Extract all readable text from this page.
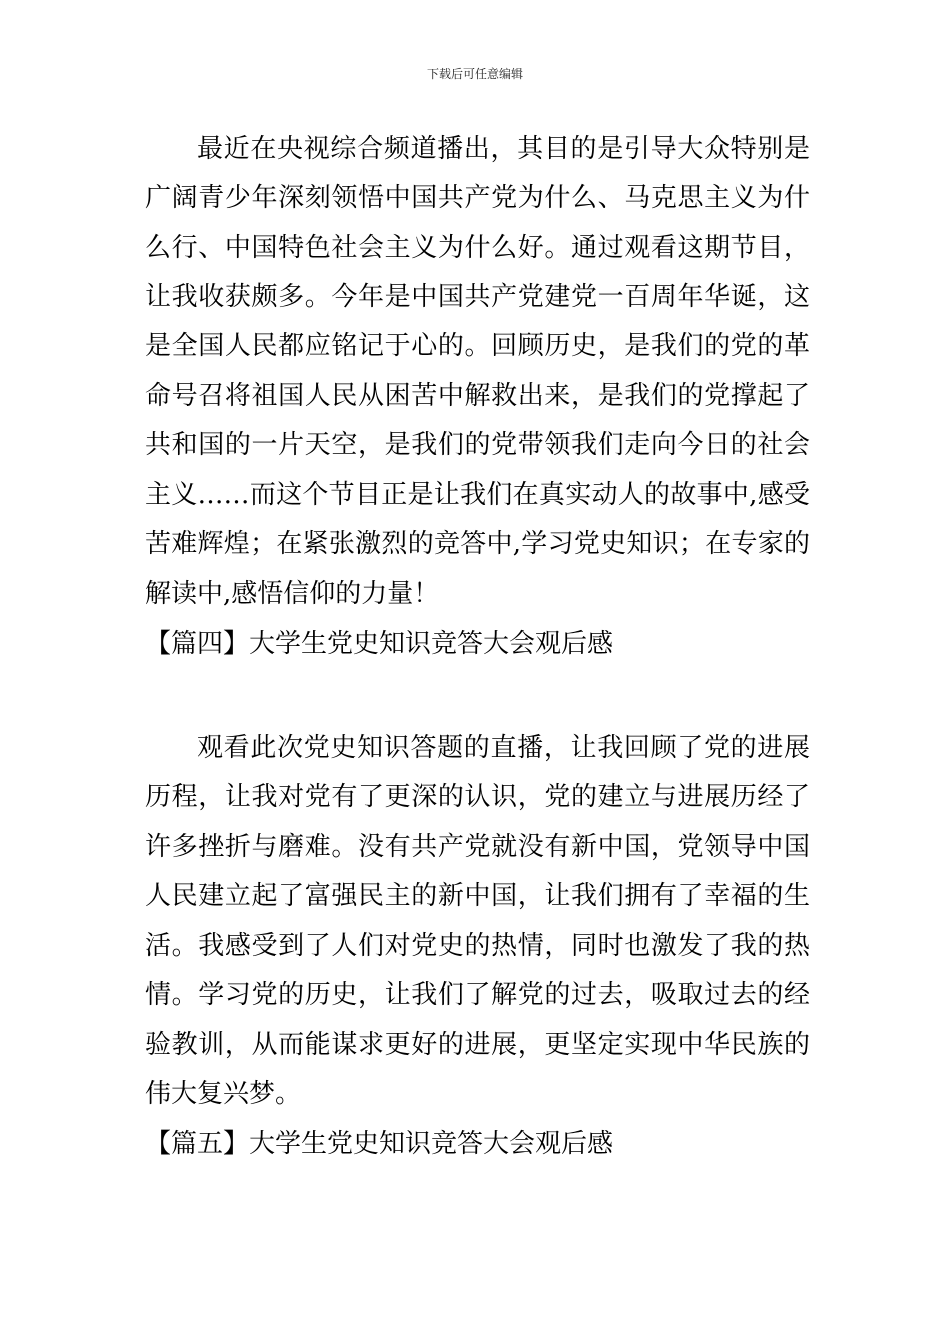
下载后可任意编辑
最近在央视综合频道播出，其目的是引导大众特别是
广阔青少年深刻领悟中国共产党为什么、马克思主义为什
么行、中国特色社会主义为什么好。通过观看这期节目，
让我收获颇多。今年是中国共产党建党一百周年华诞，这
是全国人民都应铭记于心的。回顾历史，是我们的党的革
命号召将祖国人民从困苦中解救出来，是我们的党撑起了
共和国的一片天空，是我们的党带领我们走向今日的社会
主义……而这个节目正是让我们在真实动人的故事中,感受
苦难辉煌；在紧张激烈的竞答中,学习党史知识；在专家的
解读中,感悟信仰的力量！
【篇四】大学生党史知识竞答大会观后感
观看此次党史知识答题的直播，让我回顾了党的进展
历程，让我对党有了更深的认识，党的建立与进展历经了
许多挫折与磨难。没有共产党就没有新中国，党领导中国
人民建立起了富强民主的新中国，让我们拥有了幸福的生
活。我感受到了人们对党史的热情，同时也激发了我的热
情。学习党的历史，让我们了解党的过去，吸取过去的经
验教训，从而能谋求更好的进展，更坚定实现中华民族的
伟大复兴梦。
【篇五】大学生党史知识竞答大会观后感
